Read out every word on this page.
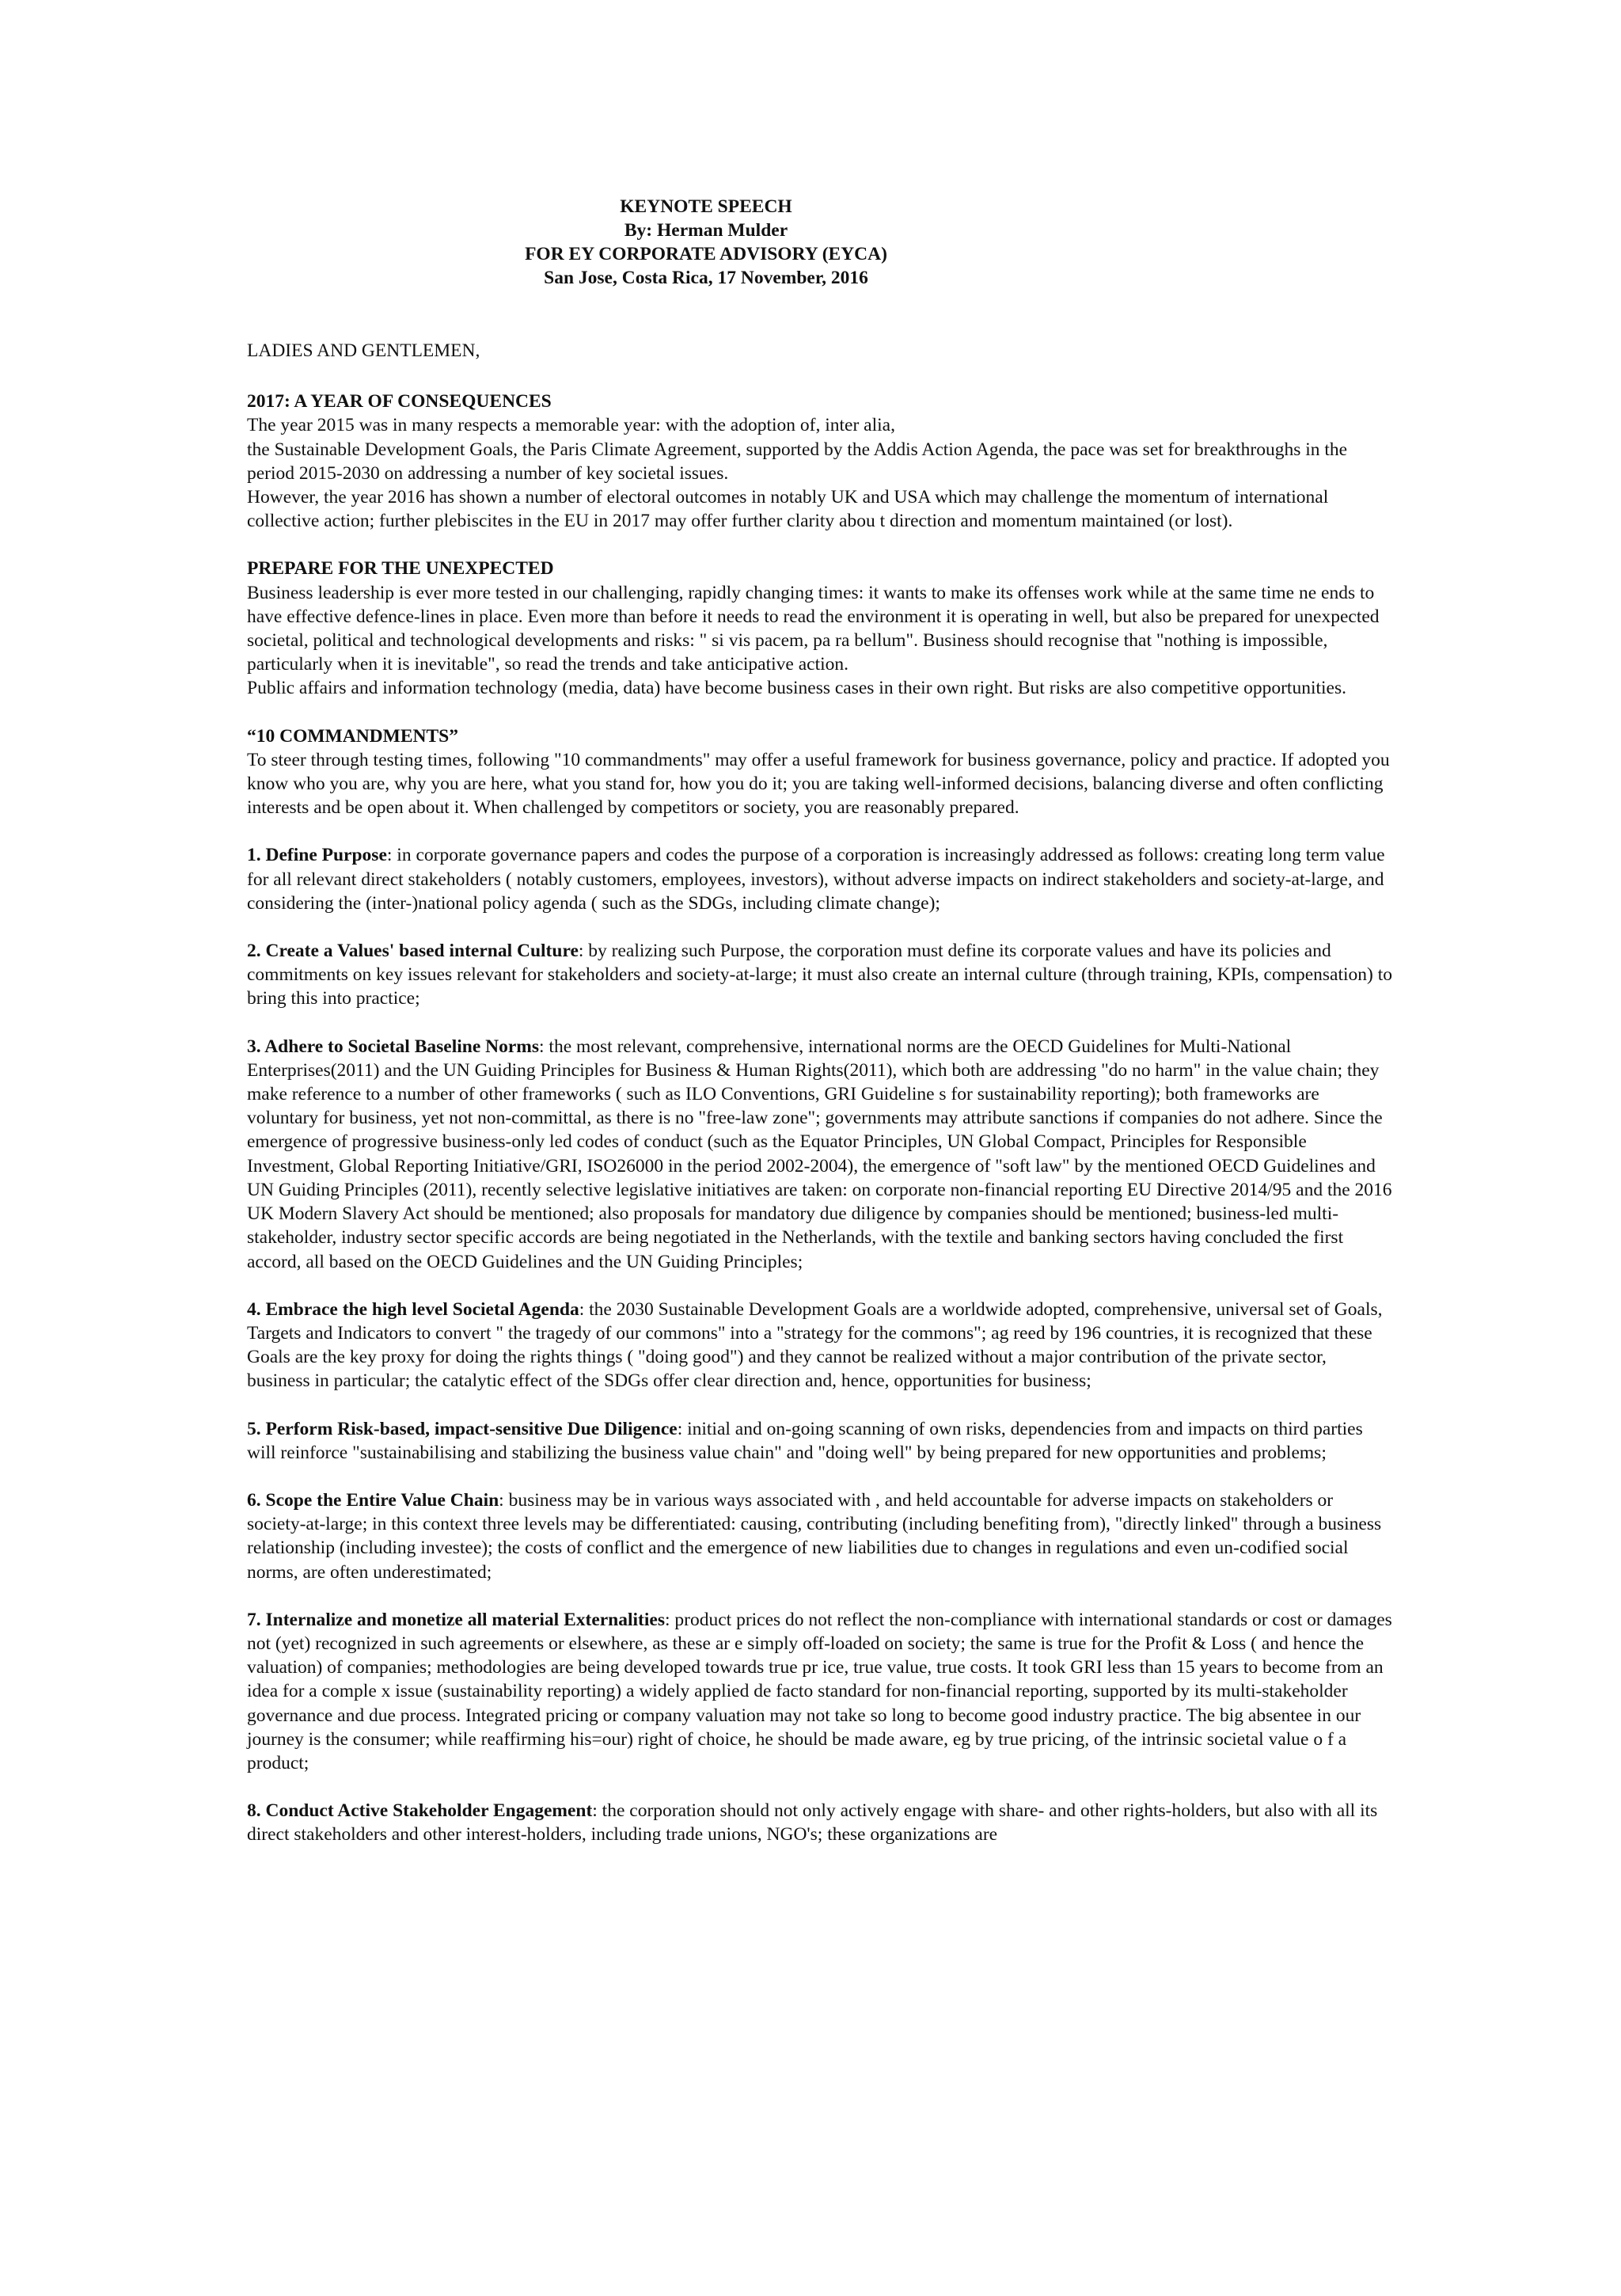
KEYNOTE SPEECH
By: Herman Mulder
FOR EY CORPORATE ADVISORY (EYCA)
San Jose, Costa Rica, 17 November, 2016
LADIES AND GENTLEMEN,
2017: A YEAR OF CONSEQUENCES

The year 2015 was in many respects a memorable year: with the adoption of, inter alia,

the Sustainable Development Goals, the Paris Climate Agreement, supported by the Addis Action Agenda, the pace was set for breakthroughs in the period 2015-2030 on addressing a number of key societal issues.

However, the year 2016 has shown a number of electoral outcomes in notably UK and USA which may challenge the momentum of international collective action; further plebiscites in the EU in 2017 may offer further clarity abou t direction and momentum maintained (or lost).

PREPARE FOR THE UNEXPECTED

Business leadership is ever more tested in our challenging, rapidly changing times: it wants to make its offenses work while at the same time ne ends to have effective defence-lines in place. Even more than before it needs to read the environment it is operating in well, but also be prepared for unexpected societal, political and technological developments and risks: " si vis pacem, pa ra bellum". Business should recognise that "nothing is impossible, particularly when it is inevitable", so read the trends and take anticipative action.

Public affairs and information technology (media, data) have become business cases in their own right. But risks are also competitive opportunities.

“10 COMMANDMENTS”

To steer through testing times, following "10 commandments" may offer a useful framework for business governance, policy and practice. If adopted you know who you are, why you are here, what you stand for, how you do it; you are taking well-informed decisions, balancing diverse and often conflicting interests and be open about it. When challenged by competitors or society, you are reasonably prepared.

1. Define Purpose: in corporate governance papers and codes the purpose of a corporation is increasingly addressed as follows: creating long term value for all relevant direct stakeholders ( notably customers, employees, investors), without adverse impacts on indirect stakeholders and society-at-large, and considering the (inter-)national policy agenda ( such as the SDGs, including climate change);
2. Create a Values' based internal Culture: by realizing such Purpose, the corporation must define its corporate values and have its policies and commitments on key issues relevant for stakeholders and society-at-large; it must also create an internal culture (through training, KPIs, compensation) to bring this into practice;
3. Adhere to Societal Baseline Norms: the most relevant, comprehensive, international norms are the OECD Guidelines for Multi-National Enterprises(2011) and the UN Guiding Principles for Business & Human Rights(2011), which both are addressing "do no harm" in the value chain; they make reference to a number of other frameworks ( such as ILO Conventions, GRI Guideline s for sustainability reporting); both frameworks are voluntary for business, yet not non-committal, as there is no "free-law zone"; governments may attribute sanctions if companies do not adhere. Since the emergence of progressive business-only led codes of conduct (such as the Equator Principles, UN Global Compact, Principles for Responsible Investment, Global Reporting Initiative/GRI, ISO26000 in the period 2002-2004), the emergence of "soft law" by the mentioned OECD Guidelines and UN Guiding Principles (2011), recently selective legislative initiatives are taken: on corporate non-financial reporting EU Directive 2014/95 and the 2016 UK Modern Slavery Act should be mentioned; also proposals for mandatory due diligence by companies should be mentioned; business-led multi-stakeholder, industry sector specific accords are being negotiated in the Netherlands, with the textile and banking sectors having concluded the first accord, all based on the OECD Guidelines and the UN Guiding Principles;
4. Embrace the high level Societal Agenda: the 2030 Sustainable Development Goals are a worldwide adopted, comprehensive, universal set of Goals, Targets and Indicators to convert " the tragedy of our commons" into a "strategy for the commons"; ag reed by 196 countries, it is recognized that these Goals are the key proxy for doing the rights things ( "doing good") and they cannot be realized without a major contribution of the private sector, business in particular; the catalytic effect of the SDGs offer clear direction and, hence, opportunities for business;
5. Perform Risk-based, impact-sensitive Due Diligence: initial and on-going scanning of own risks, dependencies from and impacts on third parties will reinforce "sustainabilising and stabilizing the business value chain" and "doing well" by being prepared for new opportunities and problems;
6. Scope the Entire Value Chain: business may be in various ways associated with , and held accountable for adverse impacts on stakeholders or society-at-large; in this context three levels may be differentiated: causing, contributing (including benefiting from), "directly linked" through a business relationship (including investee); the costs of conflict and the emergence of new liabilities due to changes in regulations and even un-codified social norms, are often underestimated;
7. Internalize and monetize all material Externalities: product prices do not reflect the non-compliance with international standards or cost or damages not (yet) recognized in such agreements or elsewhere, as these ar e simply off-loaded on society; the same is true for the Profit & Loss ( and hence the valuation) of companies; methodologies are being developed towards true pr ice, true value, true costs. It took GRI less than 15 years to become from an idea for a comple x issue (sustainability reporting) a widely applied de facto standard for non-financial reporting, supported by its multi-stakeholder governance and due process. Integrated pricing or company valuation may not take so long to become good industry practice. The big absentee in our journey is the consumer; while reaffirming his=our) right of choice, he should be made aware, eg by true pricing, of the intrinsic societal value o f a product;
8. Conduct Active Stakeholder Engagement: the corporation should not only actively engage with share- and other rights-holders, but also with all its direct stakeholders and other interest-holders, including trade unions, NGO's; these organizations are
